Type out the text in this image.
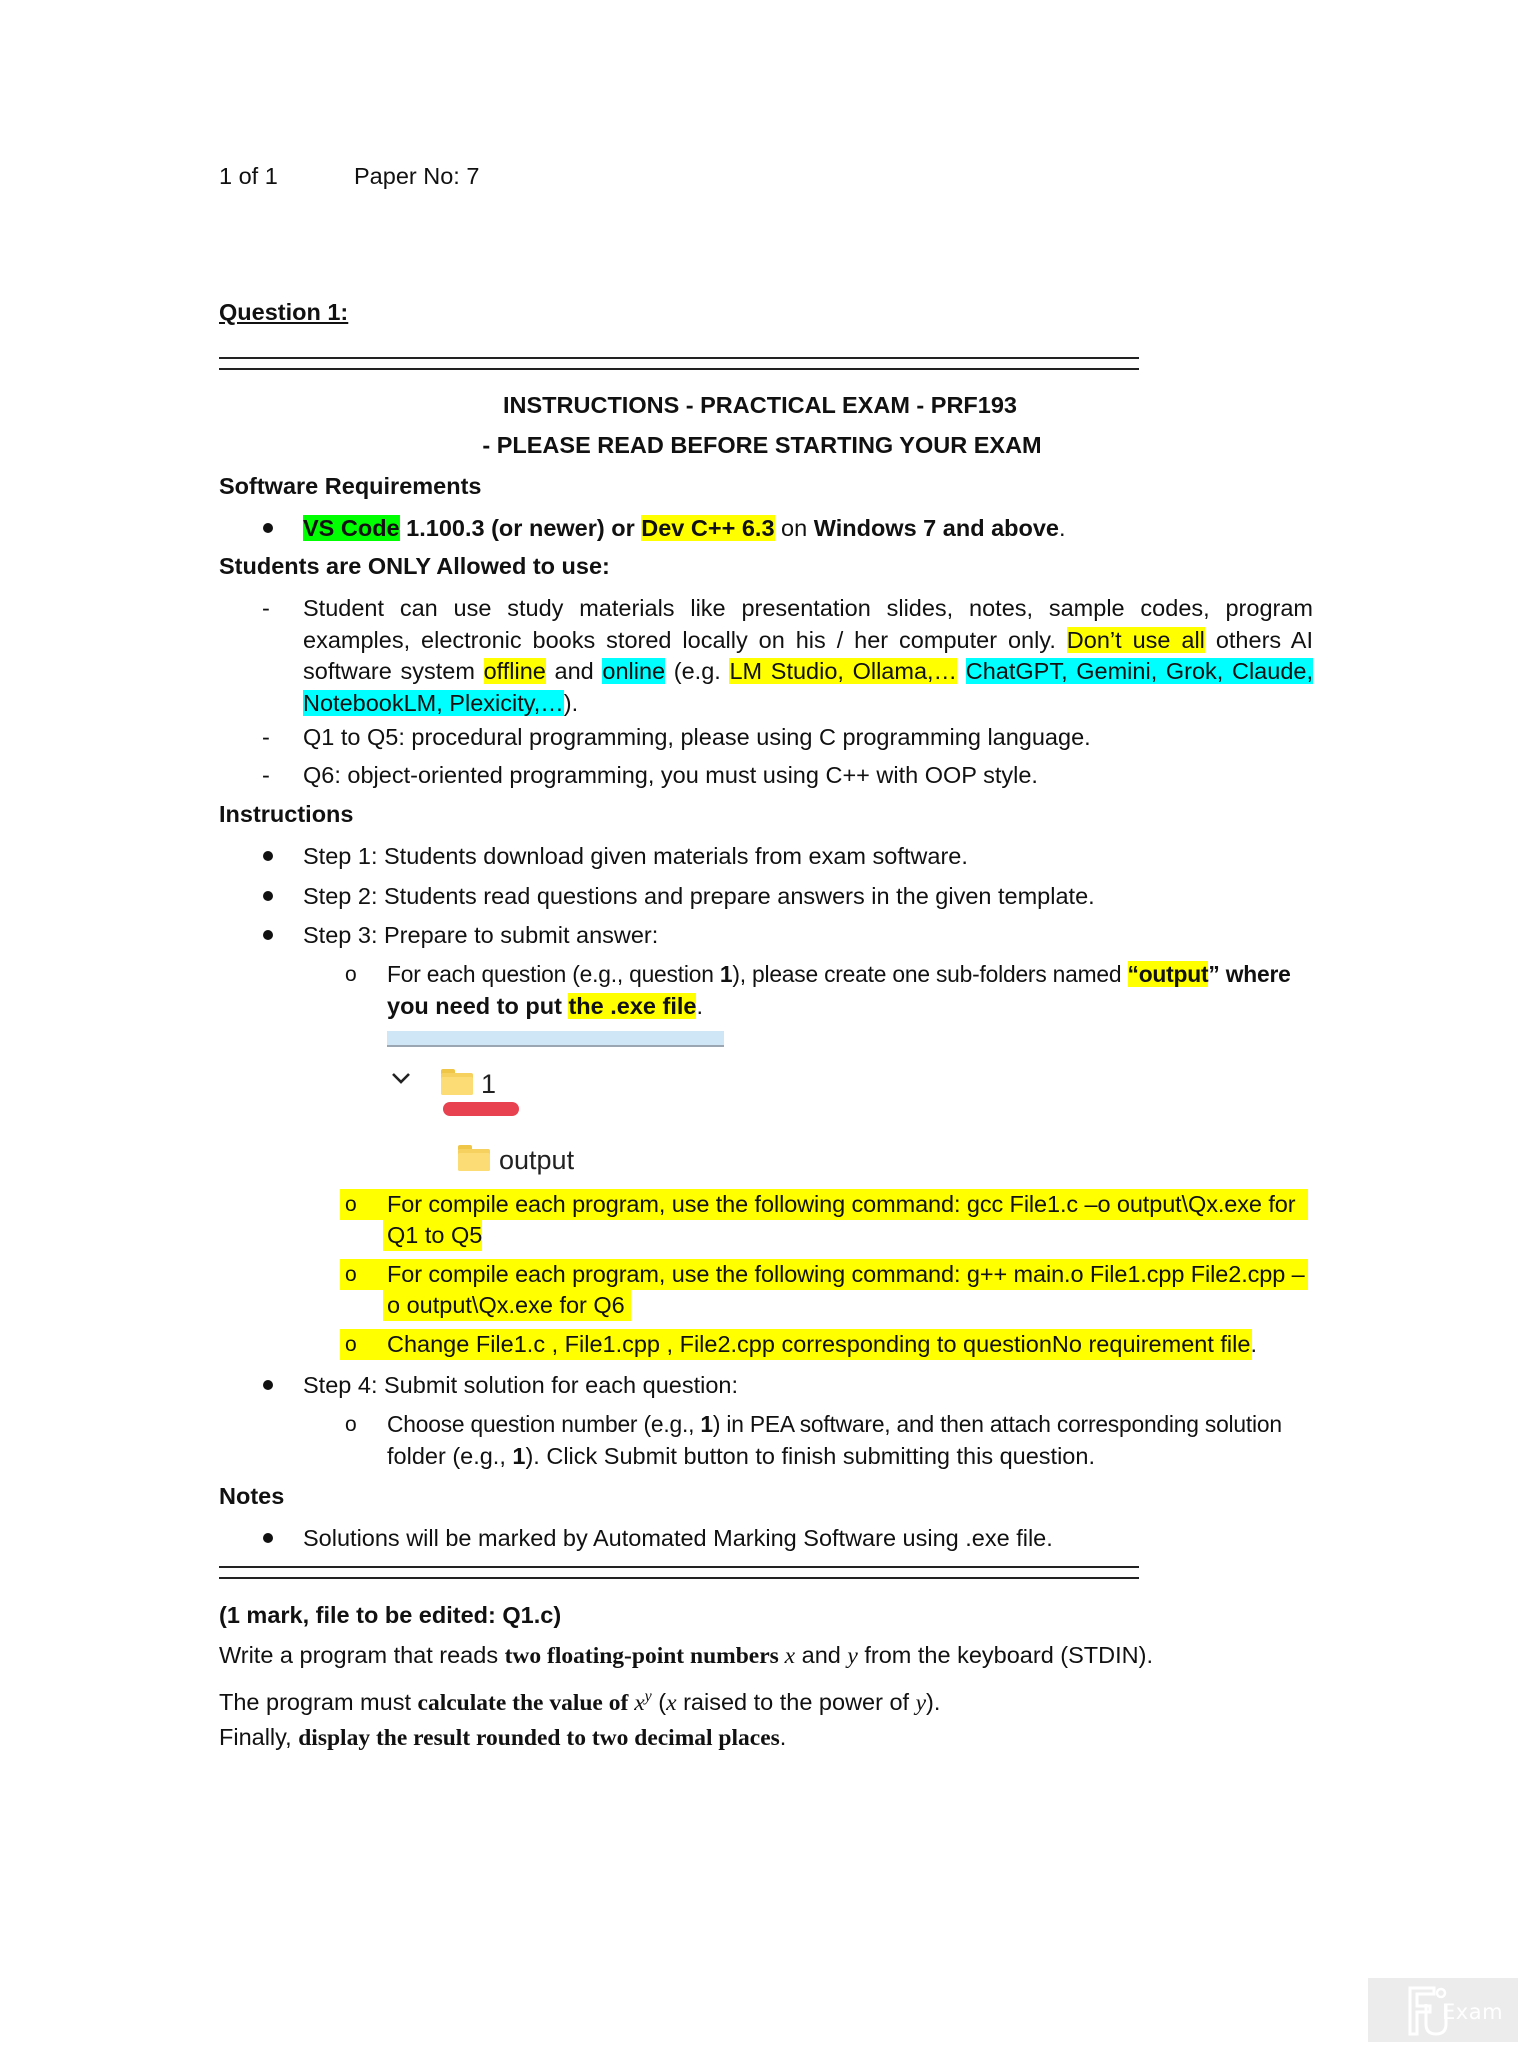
1 of 1	Paper No: 7
Question 1:
INSTRUCTIONS - PRACTICAL EXAM - PRF193
- PLEASE READ BEFORE STARTING YOUR EXAM
Software Requirements
VS Code 1.100.3 (or newer) or Dev C++ 6.3 on Windows 7 and above.
Students are ONLY Allowed to use:
- Student can use study materials like presentation slides, notes, sample codes, program examples, electronic books stored locally on his / her computer only. Don’t use all others AI software system offline and online (e.g. LM Studio, Ollama,… ChatGPT, Gemini, Grok, Claude, NotebookLM, Plexicity,…).
- Q1 to Q5: procedural programming, please using C programming language.
- Q6: object-oriented programming, you must using C++ with OOP style.
Instructions
Step 1: Students download given materials from exam software.
Step 2: Students read questions and prepare answers in the given template.
Step 3: Prepare to submit answer:
o For each question (e.g., question 1), please create one sub-folders named “output” where
you need to put the .exe file.
1
output
o For compile each program, use the following command: gcc File1.c –o output\Qx.exe for
Q1 to Q5
o For compile each program, use the following command: g++ main.o File1.cpp File2.cpp –
o output\Qx.exe for Q6
o Change File1.c , File1.cpp , File2.cpp corresponding to questionNo requirement file.
Step 4: Submit solution for each question:
o Choose question number (e.g., 1) in PEA software, and then attach corresponding solution
folder (e.g., 1). Click Submit button to finish submitting this question.
Notes
Solutions will be marked by Automated Marking Software using .exe file.
(1 mark, file to be edited: Q1.c)
Write a program that reads two floating-point numbers x and y from the keyboard (STDIN).
The program must calculate the value of $x^y$ (x raised to the power of y).
Finally, display the result rounded to two decimal places.
Exam
